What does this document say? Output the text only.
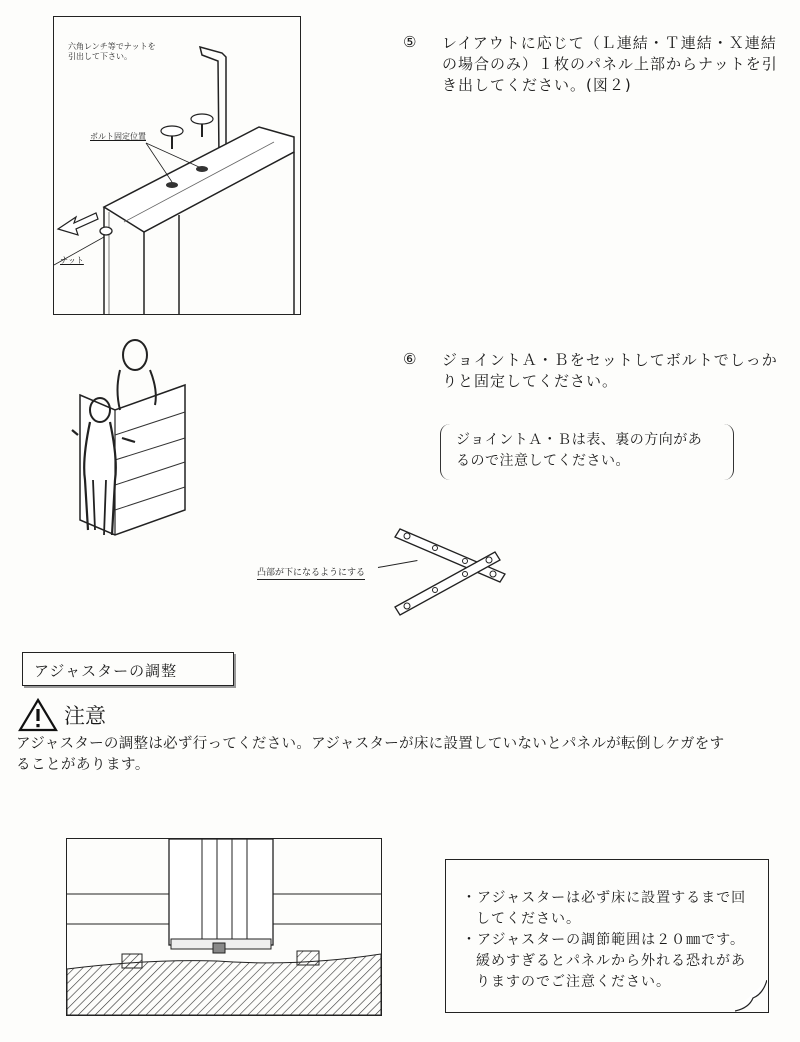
六角レンチ等でナットを
引出して下さい。
ボルト固定位置
ナット
⑤ レイアウトに応じて（Ｌ連結・Ｔ連結・Ｘ連結
の場合のみ）１枚のパネル上部からナットを引
き出してください。(図２)
⑥ ジョイントＡ・Ｂをセットしてボルトでしっか
りと固定してください。
ジョイントＡ・Ｂは表、裏の方向があ
るので注意してください。
凸部が下になるようにする
アジャスターの調整
注意
アジャスターの調整は必ず行ってください。アジャスターが床に設置していないとパネルが転倒しケガをす
ることがあります。
・アジャスターは必ず床に設置するまで回
してください。
・アジャスターの調節範囲は２０㎜です。
緩めすぎるとパネルから外れる恐れがあ
りますのでご注意ください。
